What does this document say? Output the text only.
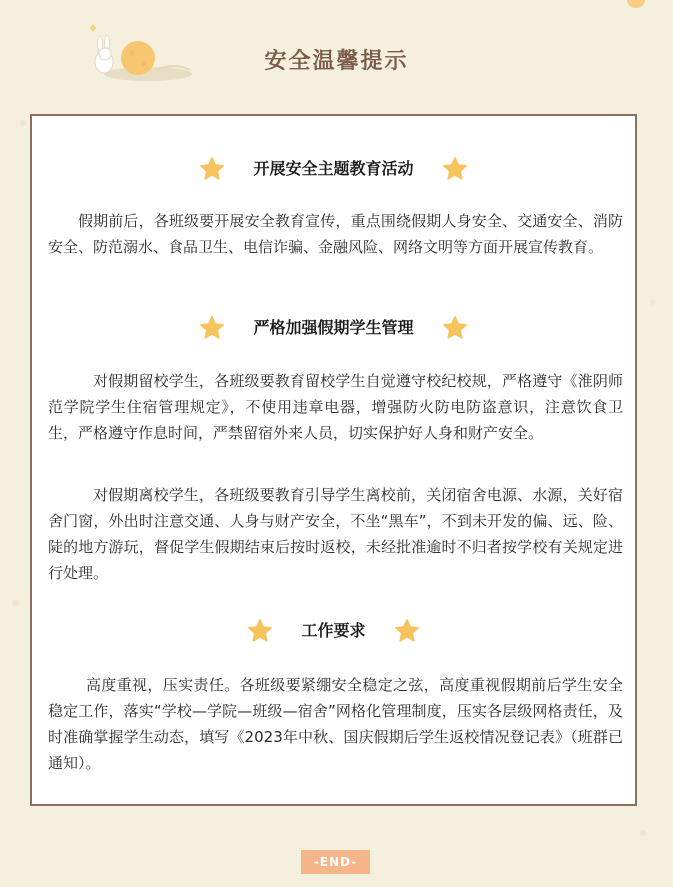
安全温馨提示
开展安全主题教育活动

假期前后，各班级要开展安全教育宣传，重点围绕假期人身安全、交通安全、消防安全、防范溺水、食品卫生、电信诈骗、金融风险、网络文明等方面开展宣传教育。

严格加强假期学生管理

对假期留校学生，各班级要教育留校学生自觉遵守校纪校规，严格遵守《淮阴师范学院学生住宿管理规定》，不使用违章电器，增强防火防电防盗意识，注意饮食卫生，严格遵守作息时间，严禁留宿外来人员，切实保护好人身和财产安全。

对假期离校学生，各班级要教育引导学生离校前，关闭宿舍电源、水源，关好宿舍门窗，外出时注意交通、人身与财产安全，不坐“黑车”，不到未开发的偏、远、险、陡的地方游玩，督促学生假期结束后按时返校，未经批准逾时不归者按学校有关规定进行处理。

工作要求

高度重视，压实责任。各班级要紧绷安全稳定之弦，高度重视假期前后学生安全稳定工作，落实“学校—学院—班级—宿舍”网格化管理制度，压实各层级网格责任，及时准确掌握学生动态，填写《2023年中秋、国庆假期后学生返校情况登记表》（班群已通知）。

-END-
